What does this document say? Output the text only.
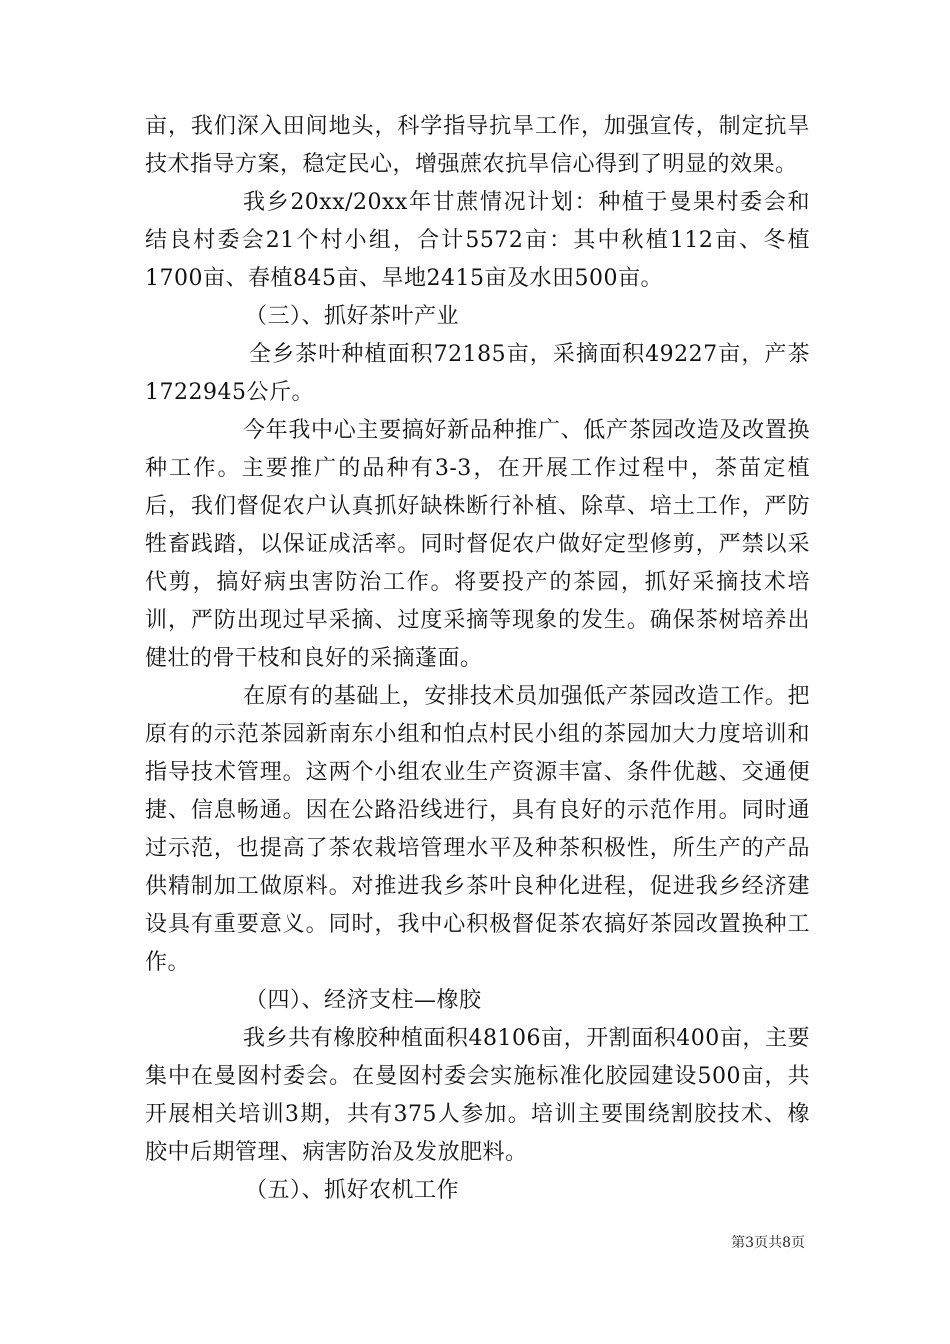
亩，我们深入田间地头，科学指导抗旱工作，加强宣传，制定抗旱技术指导方案，稳定民心，增强蔗农抗旱信心得到了明显的效果。

我乡20xx/20xx年甘蔗情况计划：种植于曼果村委会和结良村委会21个村小组，合计5572亩：其中秋植112亩、冬植1700亩、春植845亩、旱地2415亩及水田500亩。

（三）、抓好茶叶产业

全乡茶叶种植面积72185亩，采摘面积49227亩，产茶1722945公斤。

今年我中心主要搞好新品种推广、低产茶园改造及改置换种工作。主要推广的品种有3-3，在开展工作过程中，茶苗定植后，我们督促农户认真抓好缺株断行补植、除草、培土工作，严防牲畜践踏，以保证成活率。同时督促农户做好定型修剪，严禁以采代剪，搞好病虫害防治工作。将要投产的茶园，抓好采摘技术培训，严防出现过早采摘、过度采摘等现象的发生。确保茶树培养出健壮的骨干枝和良好的采摘蓬面。

在原有的基础上，安排技术员加强低产茶园改造工作。把原有的示范茶园新南东小组和怕点村民小组的茶园加大力度培训和指导技术管理。这两个小组农业生产资源丰富、条件优越、交通便捷、信息畅通。因在公路沿线进行，具有良好的示范作用。同时通过示范，也提高了茶农栽培管理水平及种茶积极性，所生产的产品供精制加工做原料。对推进我乡茶叶良种化进程，促进我乡经济建设具有重要意义。同时，我中心积极督促茶农搞好茶园改置换种工作。

（四）、经济支柱—橡胶

我乡共有橡胶种植面积48106亩，开割面积400亩，主要集中在曼囡村委会。在曼囡村委会实施标准化胶园建设500亩，共开展相关培训3期，共有375人参加。培训主要围绕割胶技术、橡胶中后期管理、病害防治及发放肥料。

（五）、抓好农机工作

第3页共8页
